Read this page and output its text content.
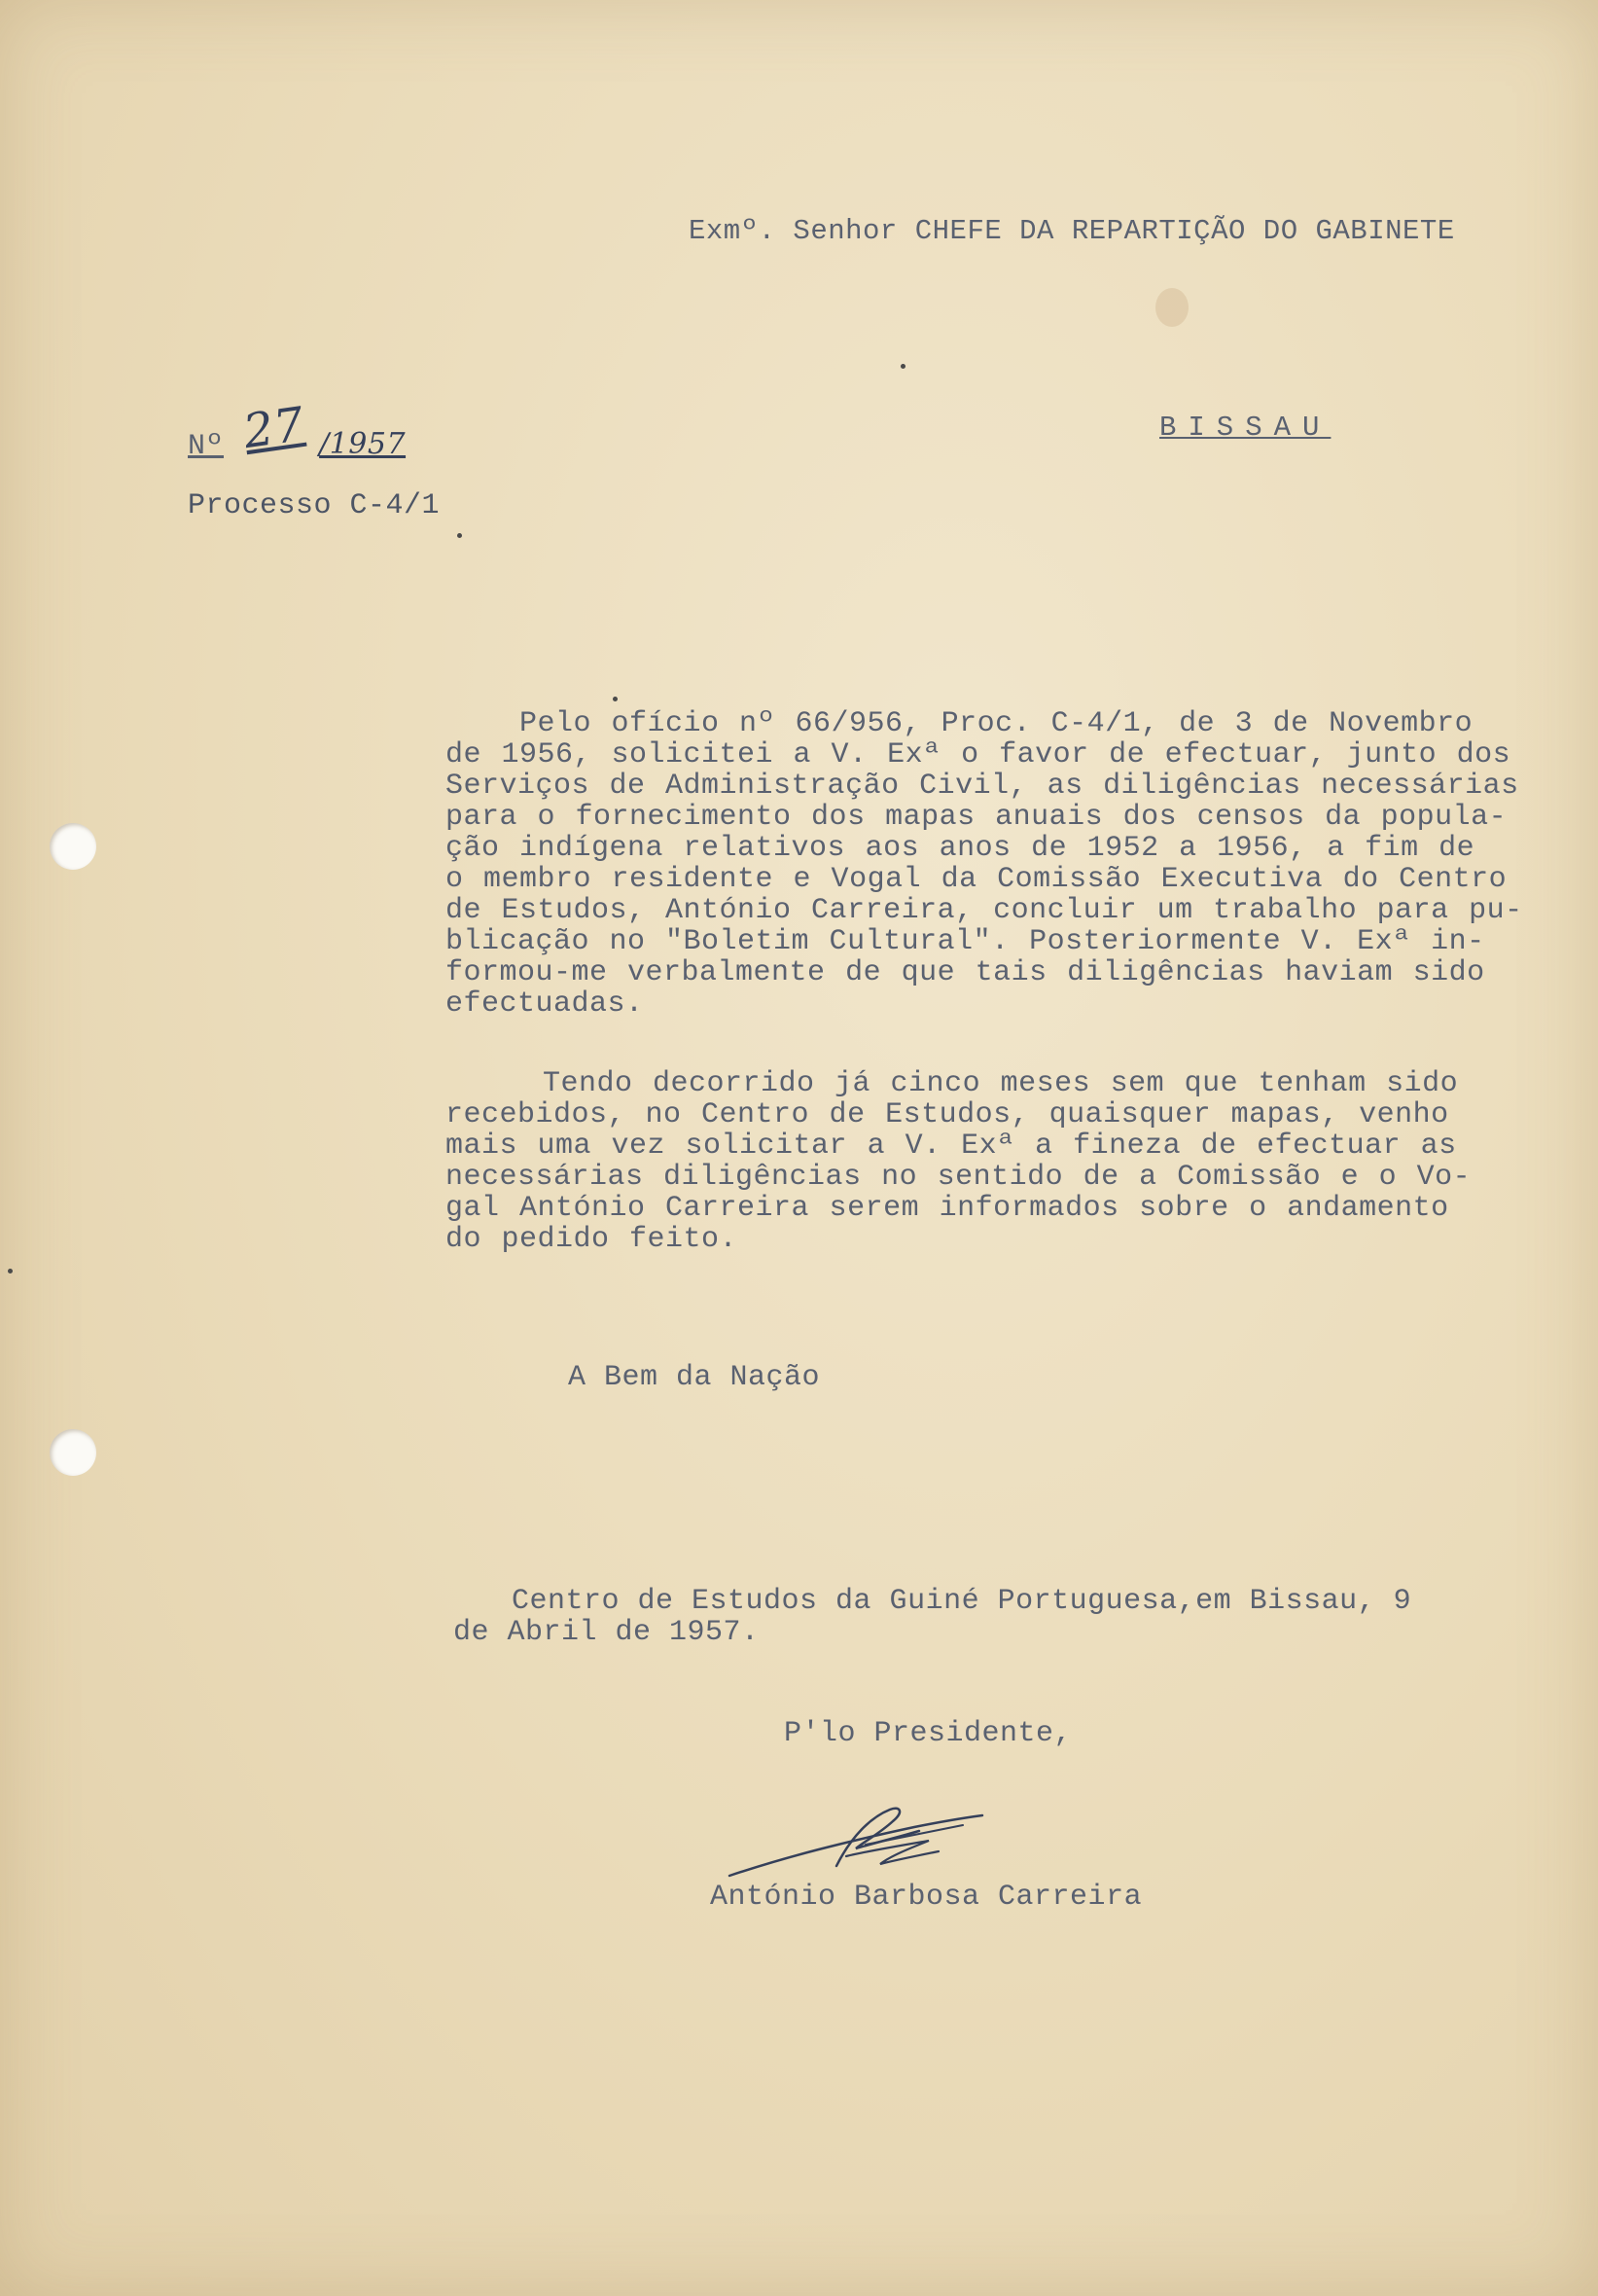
Exmº. Senhor CHEFE DA REPARTIÇÃO DO GABINETE

Nº 27 /1957	BISSAU

Processo C-4/1

Pelo ofício nº 66/956, Proc. C-4/1, de 3 de Novembro
de 1956, solicitei a V. Exª o favor de efectuar, junto dos
Serviços de Administração Civil, as diligências necessárias
para o fornecimento dos mapas anuais dos censos da popula-
ção indígena relativos aos anos de 1952 a 1956, a fim de
o membro residente e Vogal da Comissão Executiva do Centro
de Estudos, António Carreira, concluir um trabalho para pu-
blicação no "Boletim Cultural". Posteriormente V. Exª in-
formou-me verbalmente de que tais diligências haviam sido
efectuadas.
Tendo decorrido já cinco meses sem que tenham sido
recebidos, no Centro de Estudos, quaisquer mapas, venho
mais uma vez solicitar a V. Exª a fineza de efectuar as
necessárias diligências no sentido de a Comissão e o Vo-
gal António Carreira serem informados sobre o andamento
do pedido feito.

A Bem da Nação

Centro de Estudos da Guiné Portuguesa,em Bissau, 9
de Abril de 1957.

P'lo Presidente,

António Barbosa Carreira
